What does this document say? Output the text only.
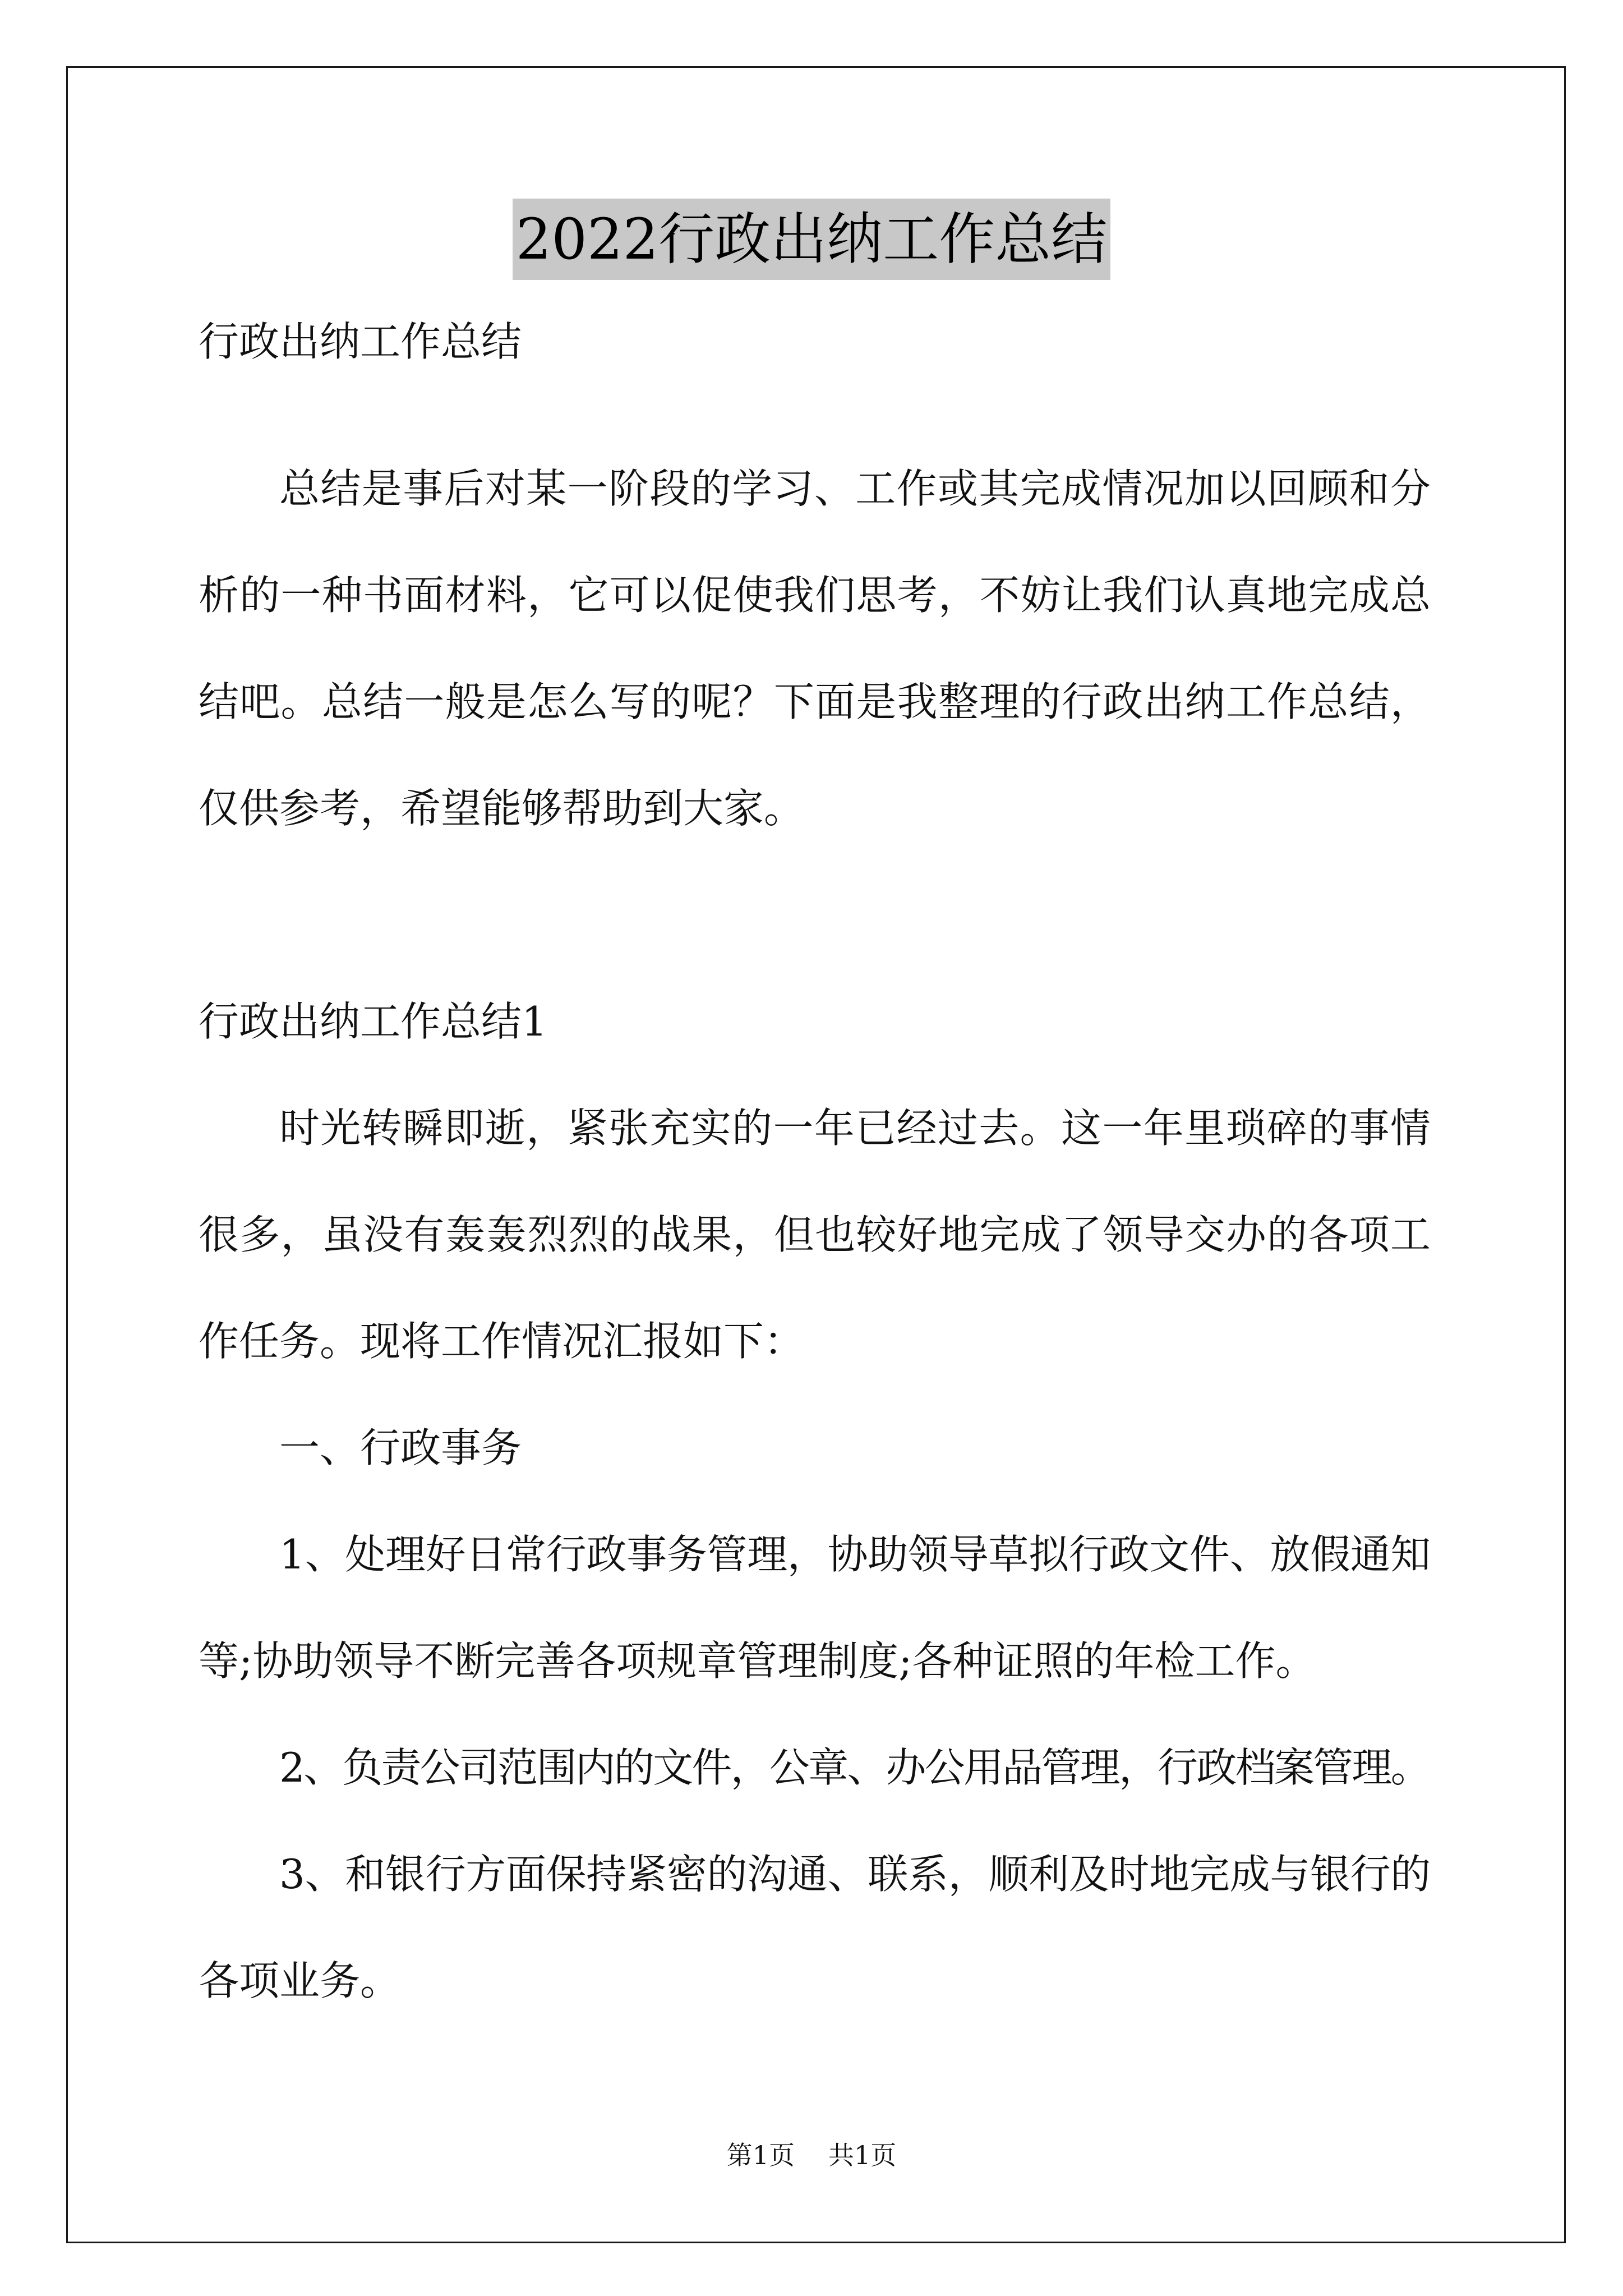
2022行政出纳工作总结
行政出纳工作总结
总结是事后对某一阶段的学习、工作或其完成情况加以回顾和分
析的一种书面材料，它可以促使我们思考，不妨让我们认真地完成总
结吧。总结一般是怎么写的呢？下面是我整理的行政出纳工作总结，
仅供参考，希望能够帮助到大家。
行政出纳工作总结1
时光转瞬即逝，紧张充实的一年已经过去。这一年里琐碎的事情
很多，虽没有轰轰烈烈的战果，但也较好地完成了领导交办的各项工
作任务。现将工作情况汇报如下：
一、行政事务
1、处理好日常行政事务管理，协助领导草拟行政文件、放假通知
等;协助领导不断完善各项规章管理制度;各种证照的年检工作。
2、负责公司范围内的文件，公章、办公用品管理，行政档案管理。
3、和银行方面保持紧密的沟通、联系，顺利及时地完成与银行的
各项业务。
第1页 共1页
